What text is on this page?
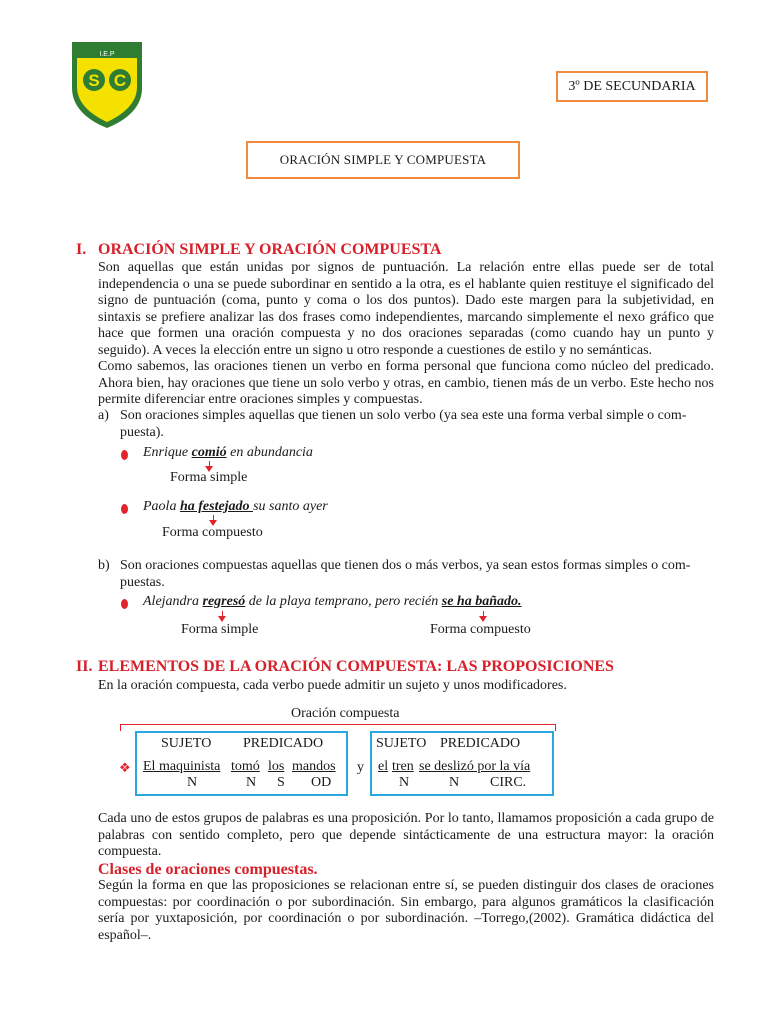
I.E.P
S C	3º DE SECUNDARIA
ORACIÓN SIMPLE Y COMPUESTA
I. ORACIÓN SIMPLE Y ORACIÓN COMPUESTA

Son aquellas que están unidas por signos de puntuación. La relación entre ellas puede ser de total independencia o una se puede subordinar en sentido a la otra, es el hablante quien restituye el significado del signo de puntuación (coma, punto y coma o los dos puntos). Dado este margen para la subjetividad, en sintaxis se prefiere analizar las dos frases como independientes, marcando simplemente el nexo gráfico que hace que formen una oración compuesta y no dos oraciones separadas (como cuando hay un punto y seguido). A veces la elección entre un signo u otro responde a cuestiones de estilo y no semánticas.

Como sabemos, las oraciones tienen un verbo en forma personal que funciona como núcleo del predicado. Ahora bien, hay oraciones que tiene un solo verbo y otras, en cambio, tienen más de un verbo. Este hecho nos permite diferenciar entre oraciones simples y compuestas.

a) Son oraciones simples aquellas que tienen un solo verbo (ya sea este una forma verbal simple o com-
puesta).
Enrique comió en abundancia
Forma simple
Paola ha festejado su santo ayer
Forma compuesto
b) Son oraciones compuestas aquellas que tienen dos o más verbos, ya sean estos formas simples o com-
puestas.
Alejandra regresó de la playa temprano, pero recién se ha bañado.
Forma simple	Forma compuesto
II. ELEMENTOS DE LA ORACIÓN COMPUESTA: LAS PROPOSICIONES
En la oración compuesta, cada verbo puede admitir un sujeto y unos modificadores.
Oración compuesta
SUJETO PREDICADO
❖ El maquinista tomó los mandos
N	N S OD
y
SUJETO PREDICADO
el tren se deslizó por la vía
N	N CIRC.

Cada uno de estos grupos de palabras es una proposición. Por lo tanto, llamamos proposición a cada grupo de palabras con sentido completo, pero que depende sintácticamente de una estructura mayor: la oración compuesta.

Clases de oraciones compuestas.

Según la forma en que las proposiciones se relacionan entre sí, se pueden distinguir dos clases de oraciones compuestas: por coordinación o por subordinación. Sin embargo, para algunos gramáticos la clasificación sería por yuxtaposición, por coordinación o por subordinación. –Torrego,(2002). Gramática didáctica del español–.
